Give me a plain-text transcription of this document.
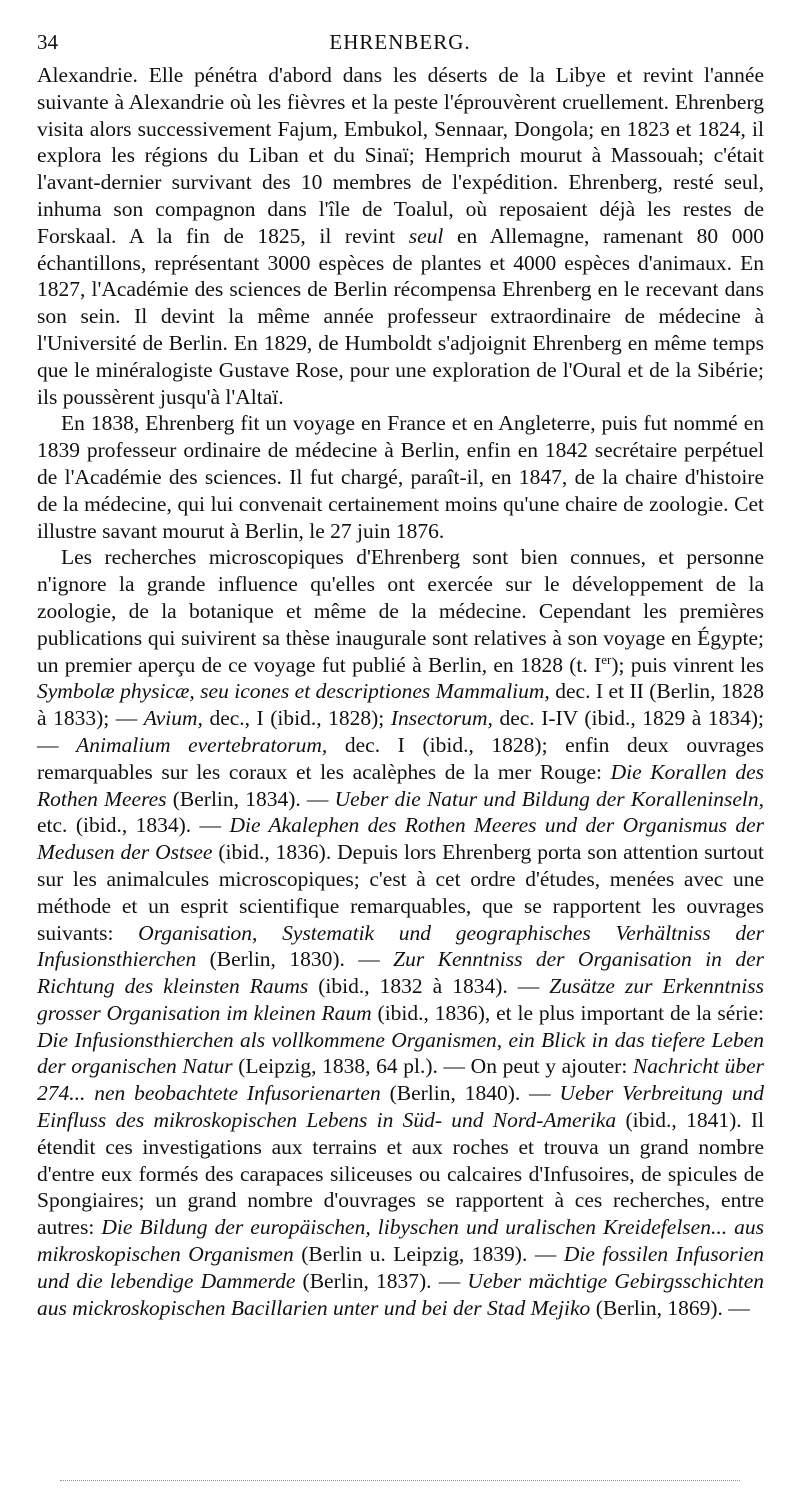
34	EHRENBERG.

Alexandrie. Elle pénétra d'abord dans les déserts de la Libye et revint l'année suivante à Alexandrie où les fièvres et la peste l'éprouvèrent cruellement. Ehrenberg visita alors successivement Fajum, Embukol, Sennaar, Dongola; en 1823 et 1824, il explora les régions du Liban et du Sinaï; Hemprich mourut à Massouah; c'était l'avant-dernier survivant des 10 membres de l'expédition. Ehrenberg, resté seul, inhuma son compagnon dans l'île de Toalul, où reposaient déjà les restes de Forskaal. A la fin de 1825, il revint seul en Allemagne, ramenant 80 000 échantillons, représentant 3000 espèces de plantes et 4000 espèces d'animaux. En 1827, l'Académie des sciences de Berlin récompensa Ehrenberg en le recevant dans son sein. Il devint la même année professeur extraordinaire de médecine à l'Université de Berlin. En 1829, de Humboldt s'adjoignit Ehrenberg en même temps que le minéralogiste Gustave Rose, pour une exploration de l'Oural et de la Sibérie; ils poussèrent jusqu'à l'Altaï.

En 1838, Ehrenberg fit un voyage en France et en Angleterre, puis fut nommé en 1839 professeur ordinaire de médecine à Berlin, enfin en 1842 secrétaire perpétuel de l'Académie des sciences. Il fut chargé, paraît-il, en 1847, de la chaire d'histoire de la médecine, qui lui convenait certainement moins qu'une chaire de zoologie. Cet illustre savant mourut à Berlin, le 27 juin 1876.

Les recherches microscopiques d'Ehrenberg sont bien connues, et personne n'ignore la grande influence qu'elles ont exercée sur le développement de la zoologie, de la botanique et même de la médecine. Cependant les premières publications qui suivirent sa thèse inaugurale sont relatives à son voyage en Égypte; un premier aperçu de ce voyage fut publié à Berlin, en 1828 (t. Ier); puis vinrent les Symbolæ physicæ, seu icones et descriptiones Mammalium, dec. I et II (Berlin, 1828 à 1833); — Avium, dec., I (ibid., 1828); Insectorum, dec. I-IV (ibid., 1829 à 1834); — Animalium evertebratorum, dec. I (ibid., 1828); enfin deux ouvrages remarquables sur les coraux et les acalèphes de la mer Rouge: Die Korallen des Rothen Meeres (Berlin, 1834). — Ueber die Natur und Bildung der Koralleninseln, etc. (ibid., 1834). — Die Akalephen des Rothen Meeres und der Organismus der Medusen der Ostsee (ibid., 1836). Depuis lors Ehrenberg porta son attention surtout sur les animalcules microscopiques; c'est à cet ordre d'études, menées avec une méthode et un esprit scientifique remarquables, que se rapportent les ouvrages suivants: Organisation, Systematik und geographisches Verhältniss der Infusionsthierchen (Berlin, 1830). — Zur Kenntniss der Organisation in der Richtung des kleinsten Raums (ibid., 1832 à 1834). — Zusätze zur Erkenntniss grosser Organisation im kleinen Raum (ibid., 1836), et le plus important de la série: Die Infusionsthierchen als vollkommene Organismen, ein Blick in das tiefere Leben der organischen Natur (Leipzig, 1838, 64 pl.). — On peut y ajouter: Nachricht über 274... nen beobachtete Infusorienarten (Berlin, 1840). — Ueber Verbreitung und Einfluss des mikroskopischen Lebens in Süd- und Nord-Amerika (ibid., 1841). Il étendit ces investigations aux terrains et aux roches et trouva un grand nombre d'entre eux formés des carapaces siliceuses ou calcaires d'Infusoires, de spicules de Spongiaires; un grand nombre d'ouvrages se rapportent à ces recherches, entre autres: Die Bildung der europäischen, libyschen und uralischen Kreidefelsen... aus mikroskopischen Organismen (Berlin u. Leipzig, 1839). — Die fossilen Infusorien und die lebendige Dammerde (Berlin, 1837). — Ueber mächtige Gebirgsschichten aus mickroskopischen Bacillarien unter und bei der Stad Mejiko (Berlin, 1869). —
